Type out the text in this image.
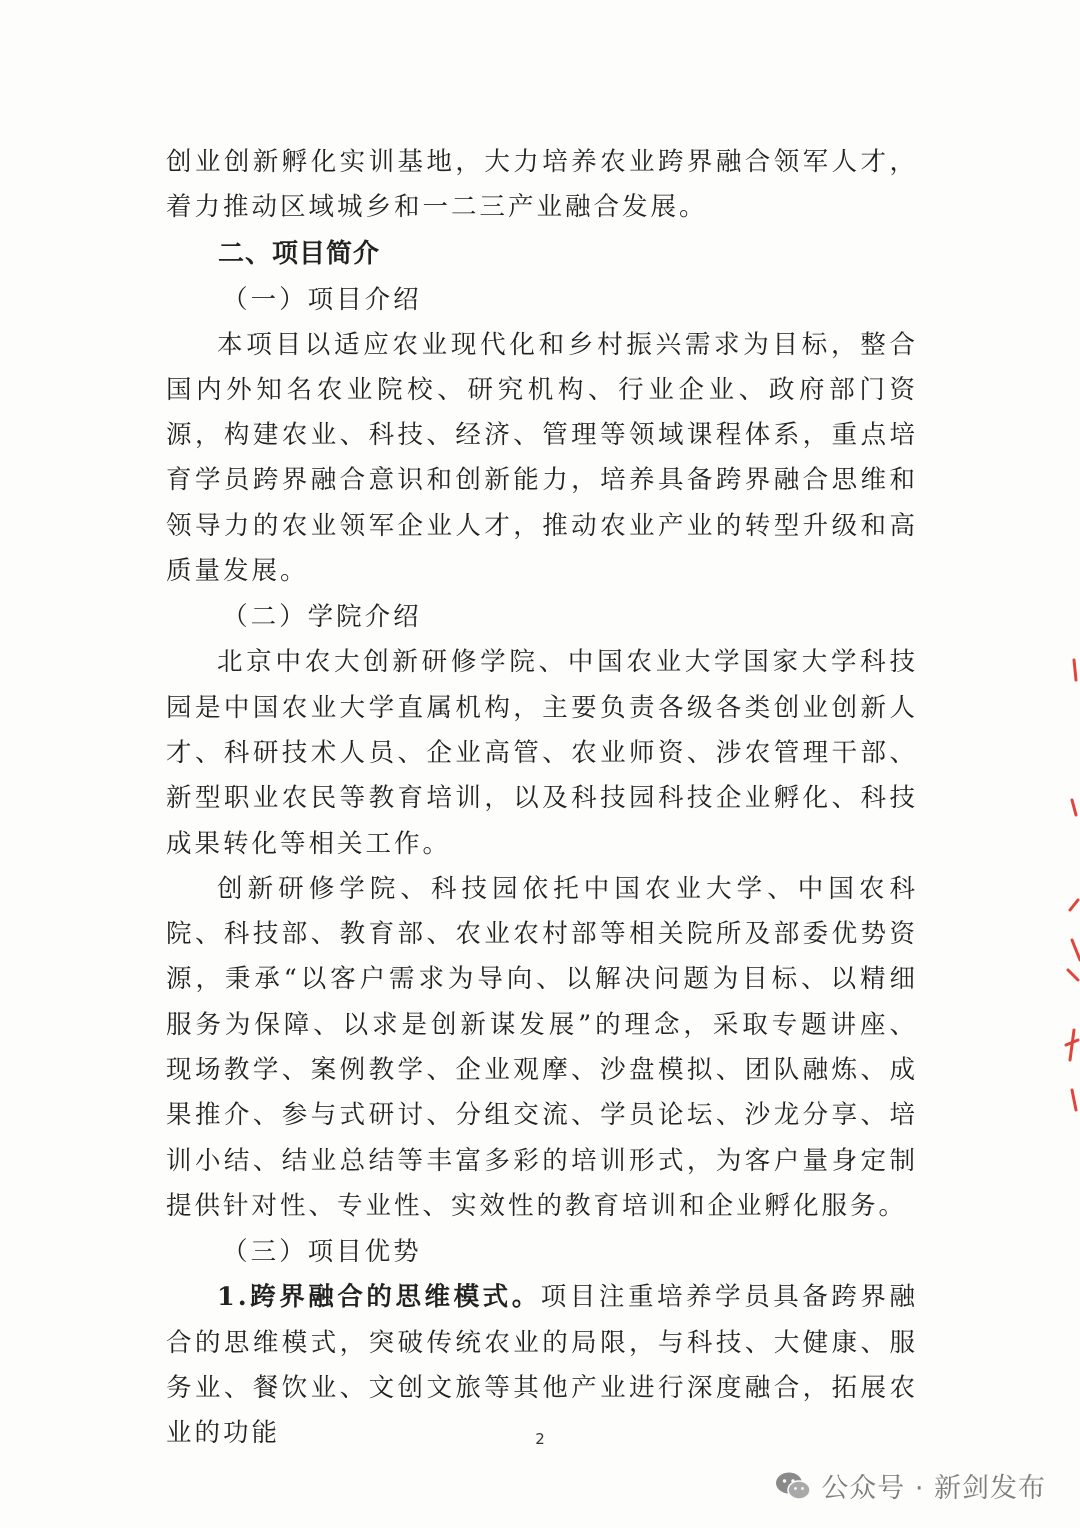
创业创新孵化实训基地，大力培养农业跨界融合领军人才，着力推动区域城乡和一二三产业融合发展。

二、项目简介

（一）项目介绍

本项目以适应农业现代化和乡村振兴需求为目标，整合国内外知名农业院校、研究机构、行业企业、政府部门资源，构建农业、科技、经济、管理等领域课程体系，重点培育学员跨界融合意识和创新能力，培养具备跨界融合思维和领导力的农业领军企业人才，推动农业产业的转型升级和高质量发展。

（二）学院介绍

北京中农大创新研修学院、中国农业大学国家大学科技园是中国农业大学直属机构，主要负责各级各类创业创新人才、科研技术人员、企业高管、农业师资、涉农管理干部、新型职业农民等教育培训，以及科技园科技企业孵化、科技成果转化等相关工作。

创新研修学院、科技园依托中国农业大学、中国农科院、科技部、教育部、农业农村部等相关院所及部委优势资源，秉承“以客户需求为导向、以解决问题为目标、以精细服务为保障、以求是创新谋发展”的理念，采取专题讲座、现场教学、案例教学、企业观摩、沙盘模拟、团队融炼、成果推介、参与式研讨、分组交流、学员论坛、沙龙分享、培训小结、结业总结等丰富多彩的培训形式，为客户量身定制提供针对性、专业性、实效性的教育培训和企业孵化服务。

（三）项目优势

1.跨界融合的思维模式。项目注重培养学员具备跨界融合的思维模式，突破传统农业的局限，与科技、大健康、服务业、餐饮业、文创文旅等其他产业进行深度融合，拓展农业的功能	2
公众号 · 新剑发布
